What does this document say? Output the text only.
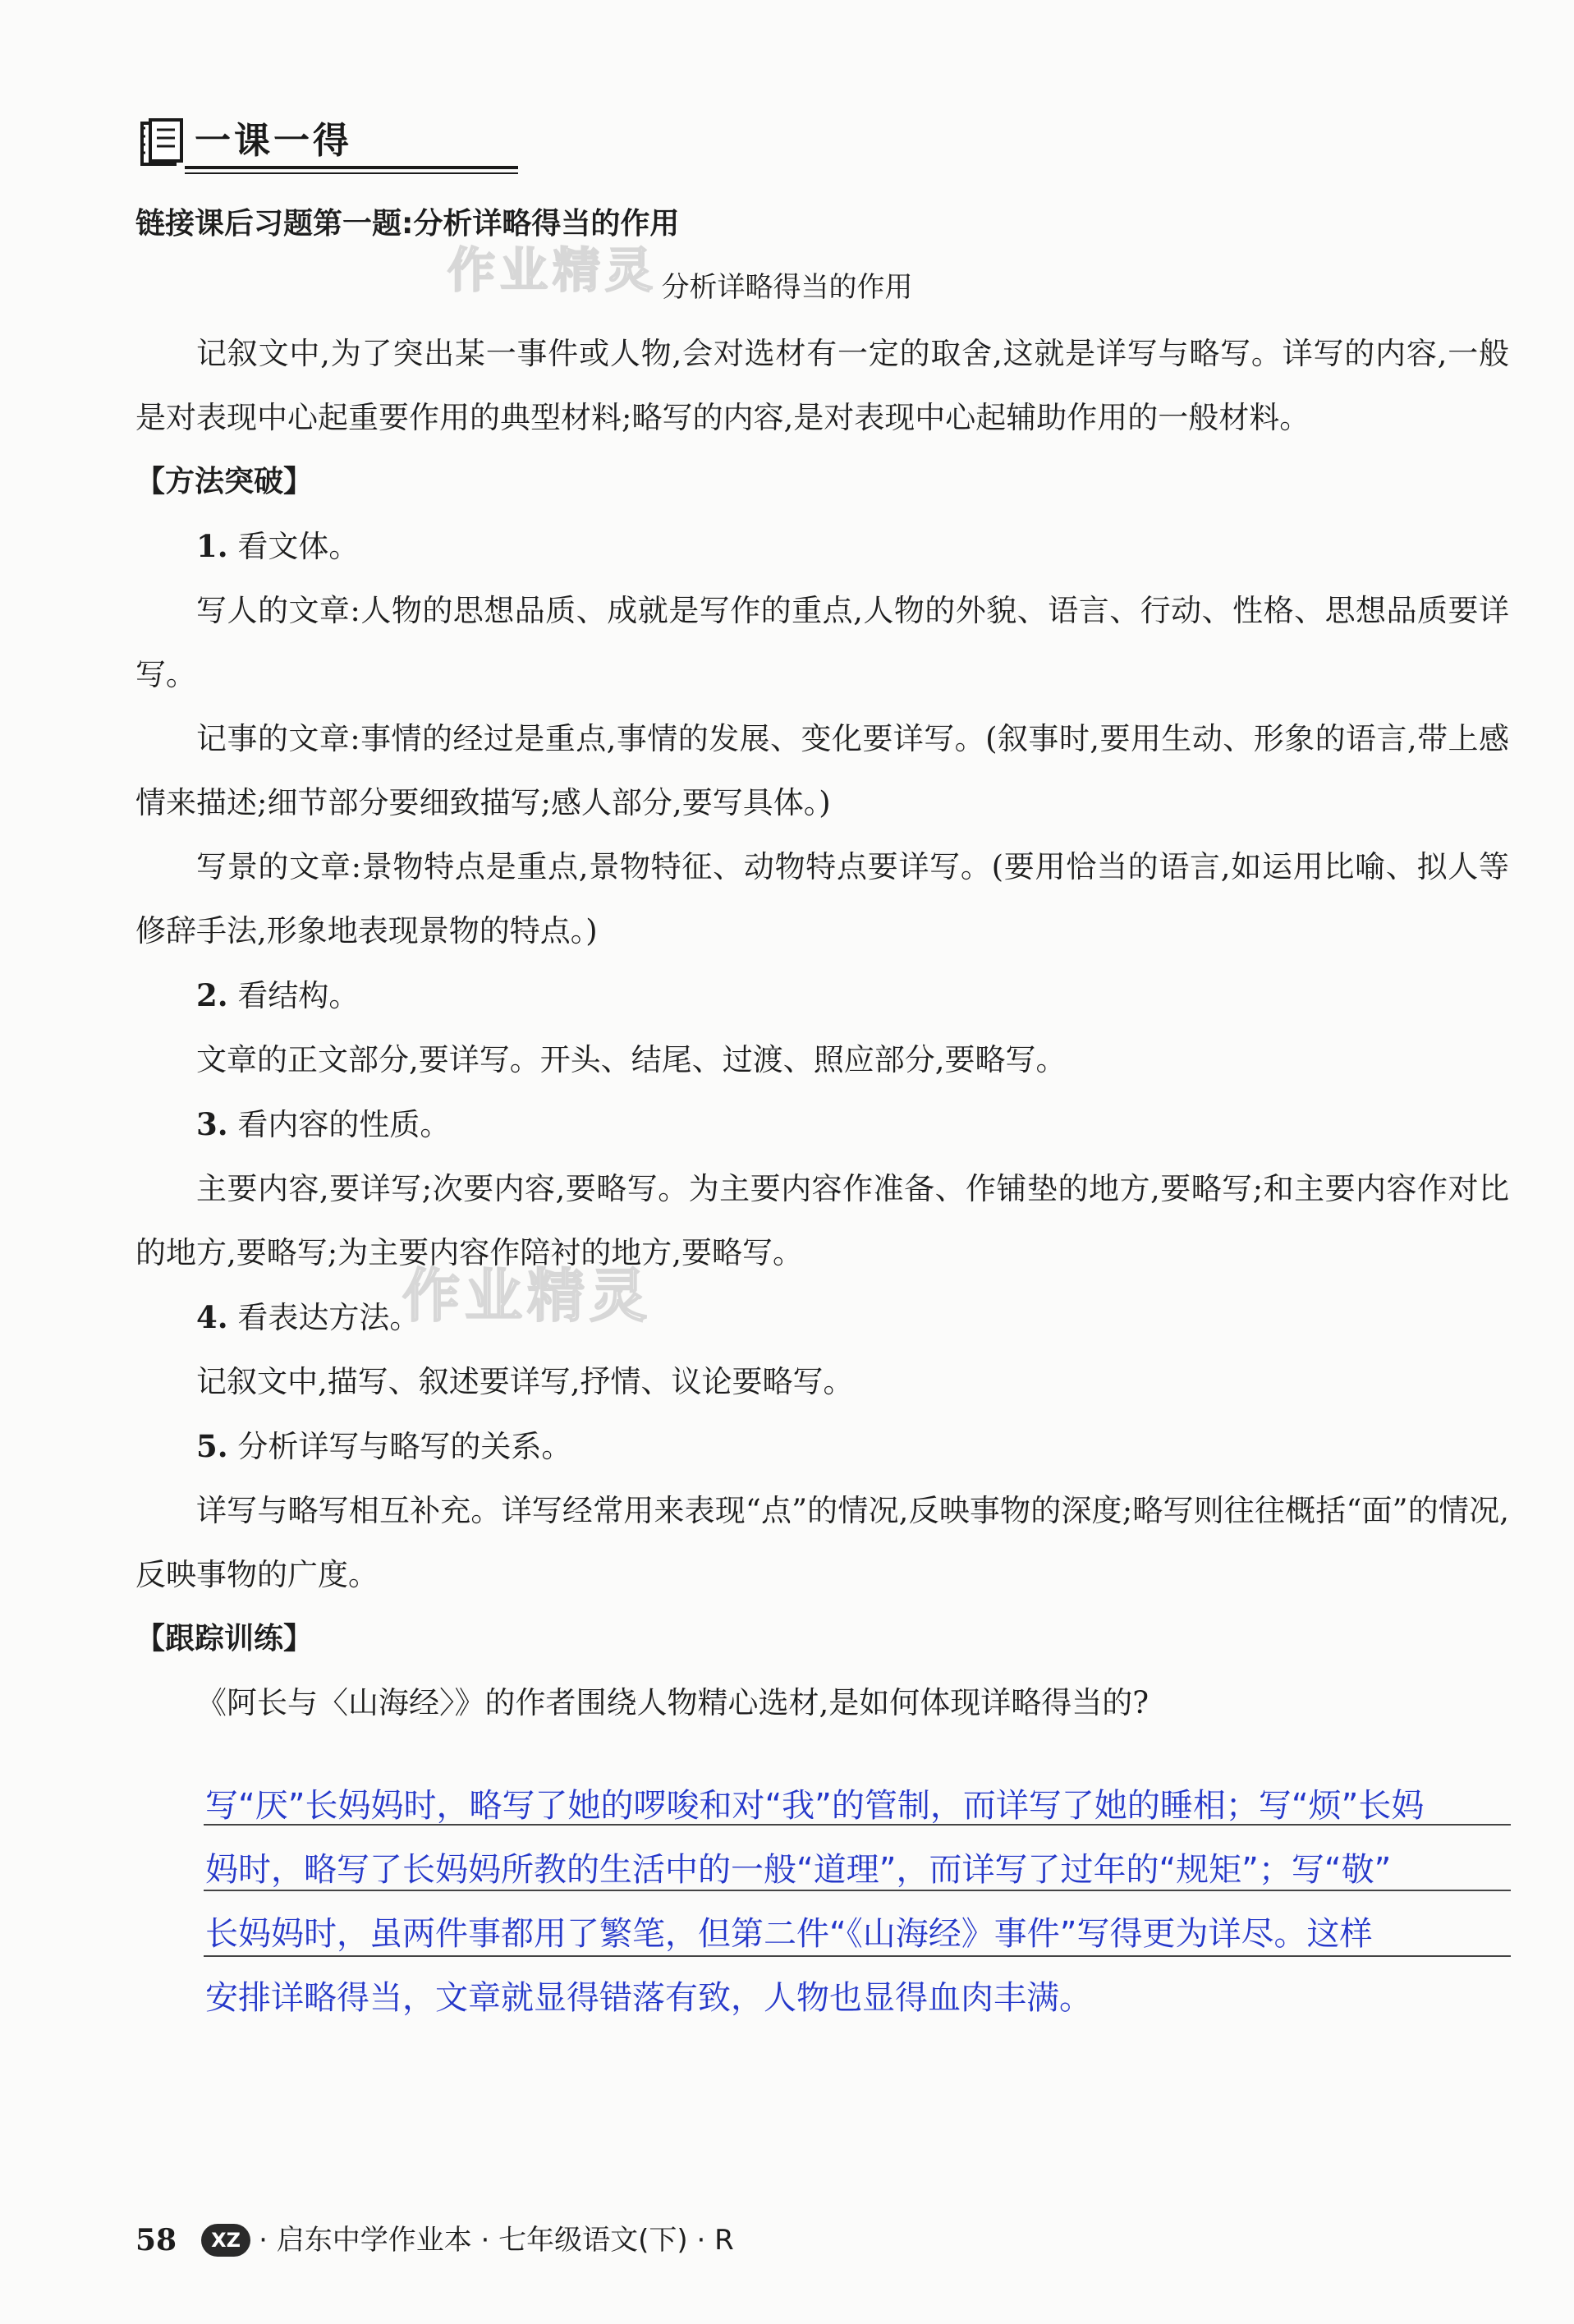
一课一得
链接课后习题第一题:分析详略得当的作用
分析详略得当的作用
作业精灵
作业精灵

记叙文中,为了突出某一事件或人物,会对选材有一定的取舍,这就是详写与略写。详写的内容,一般是对表现中心起重要作用的典型材料;略写的内容,是对表现中心起辅助作用的一般材料。

【方法突破】

1. 看文体。

写人的文章:人物的思想品质、成就是写作的重点,人物的外貌、语言、行动、性格、思想品质要详写。

记事的文章:事情的经过是重点,事情的发展、变化要详写。(叙事时,要用生动、形象的语言,带上感情来描述;细节部分要细致描写;感人部分,要写具体。)

写景的文章:景物特点是重点,景物特征、动物特点要详写。(要用恰当的语言,如运用比喻、拟人等修辞手法,形象地表现景物的特点。)

2. 看结构。

文章的正文部分,要详写。开头、结尾、过渡、照应部分,要略写。

3. 看内容的性质。

主要内容,要详写;次要内容,要略写。为主要内容作准备、作铺垫的地方,要略写;和主要内容作对比的地方,要略写;为主要内容作陪衬的地方,要略写。

4. 看表达方法。

记叙文中,描写、叙述要详写,抒情、议论要略写。

5. 分析详写与略写的关系。

详写与略写相互补充。详写经常用来表现“点”的情况,反映事物的深度;略写则往往概括“面”的情况,反映事物的广度。

【跟踪训练】

《阿长与〈山海经〉》的作者围绕人物精心选材,是如何体现详略得当的?

写“厌”长妈妈时，略写了她的啰唆和对“我”的管制，而详写了她的睡相；写“烦”长妈
妈时，略写了长妈妈所教的生活中的一般“道理”，而详写了过年的“规矩”；写“敬”
长妈妈时，虽两件事都用了繁笔，但第二件“《山海经》事件”写得更为详尽。这样
安排详略得当，文章就显得错落有致，人物也显得血肉丰满。
58	XZ · 启东中学作业本 · 七年级语文(下) · R
